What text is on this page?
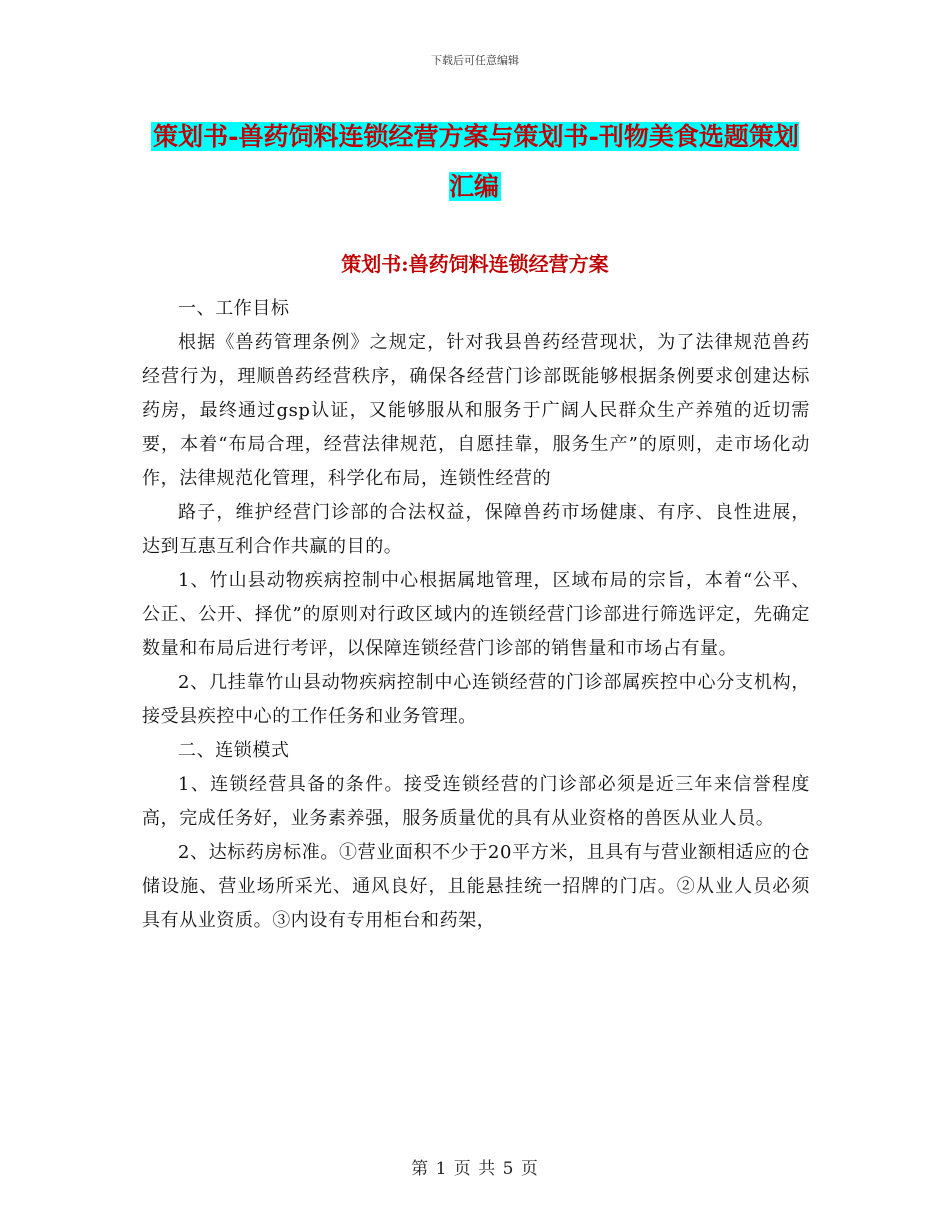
下载后可任意编辑
策划书-兽药饲料连锁经营方案与策划书-刊物美食选题策划汇编
策划书:兽药饲料连锁经营方案

一、工作目标

根据《兽药管理条例》之规定，针对我县兽药经营现状，为了法律规范兽药经营行为，理顺兽药经营秩序，确保各经营门诊部既能够根据条例要求创建达标药房，最终通过gsp认证，又能够服从和服务于广阔人民群众生产养殖的近切需要，本着“布局合理，经营法律规范，自愿挂靠，服务生产”的原则，走市场化动作，法律规范化管理，科学化布局，连锁性经营的

路子，维护经营门诊部的合法权益，保障兽药市场健康、有序、良性进展，达到互惠互利合作共赢的目的。

1、竹山县动物疾病控制中心根据属地管理，区域布局的宗旨，本着“公平、公正、公开、择优”的原则对行政区域内的连锁经营门诊部进行筛选评定，先确定数量和布局后进行考评，以保障连锁经营门诊部的销售量和市场占有量。

2、几挂靠竹山县动物疾病控制中心连锁经营的门诊部属疾控中心分支机构，接受县疾控中心的工作任务和业务管理。

二、连锁模式

1、连锁经营具备的条件。接受连锁经营的门诊部必须是近三年来信誉程度高，完成任务好，业务素养强，服务质量优的具有从业资格的兽医从业人员。

2、达标药房标准。①营业面积不少于20平方米，且具有与营业额相适应的仓储设施、营业场所采光、通风良好，且能悬挂统一招牌的门店。②从业人员必须具有从业资质。③内设有专用柜台和药架，

第 1 页 共 5 页
